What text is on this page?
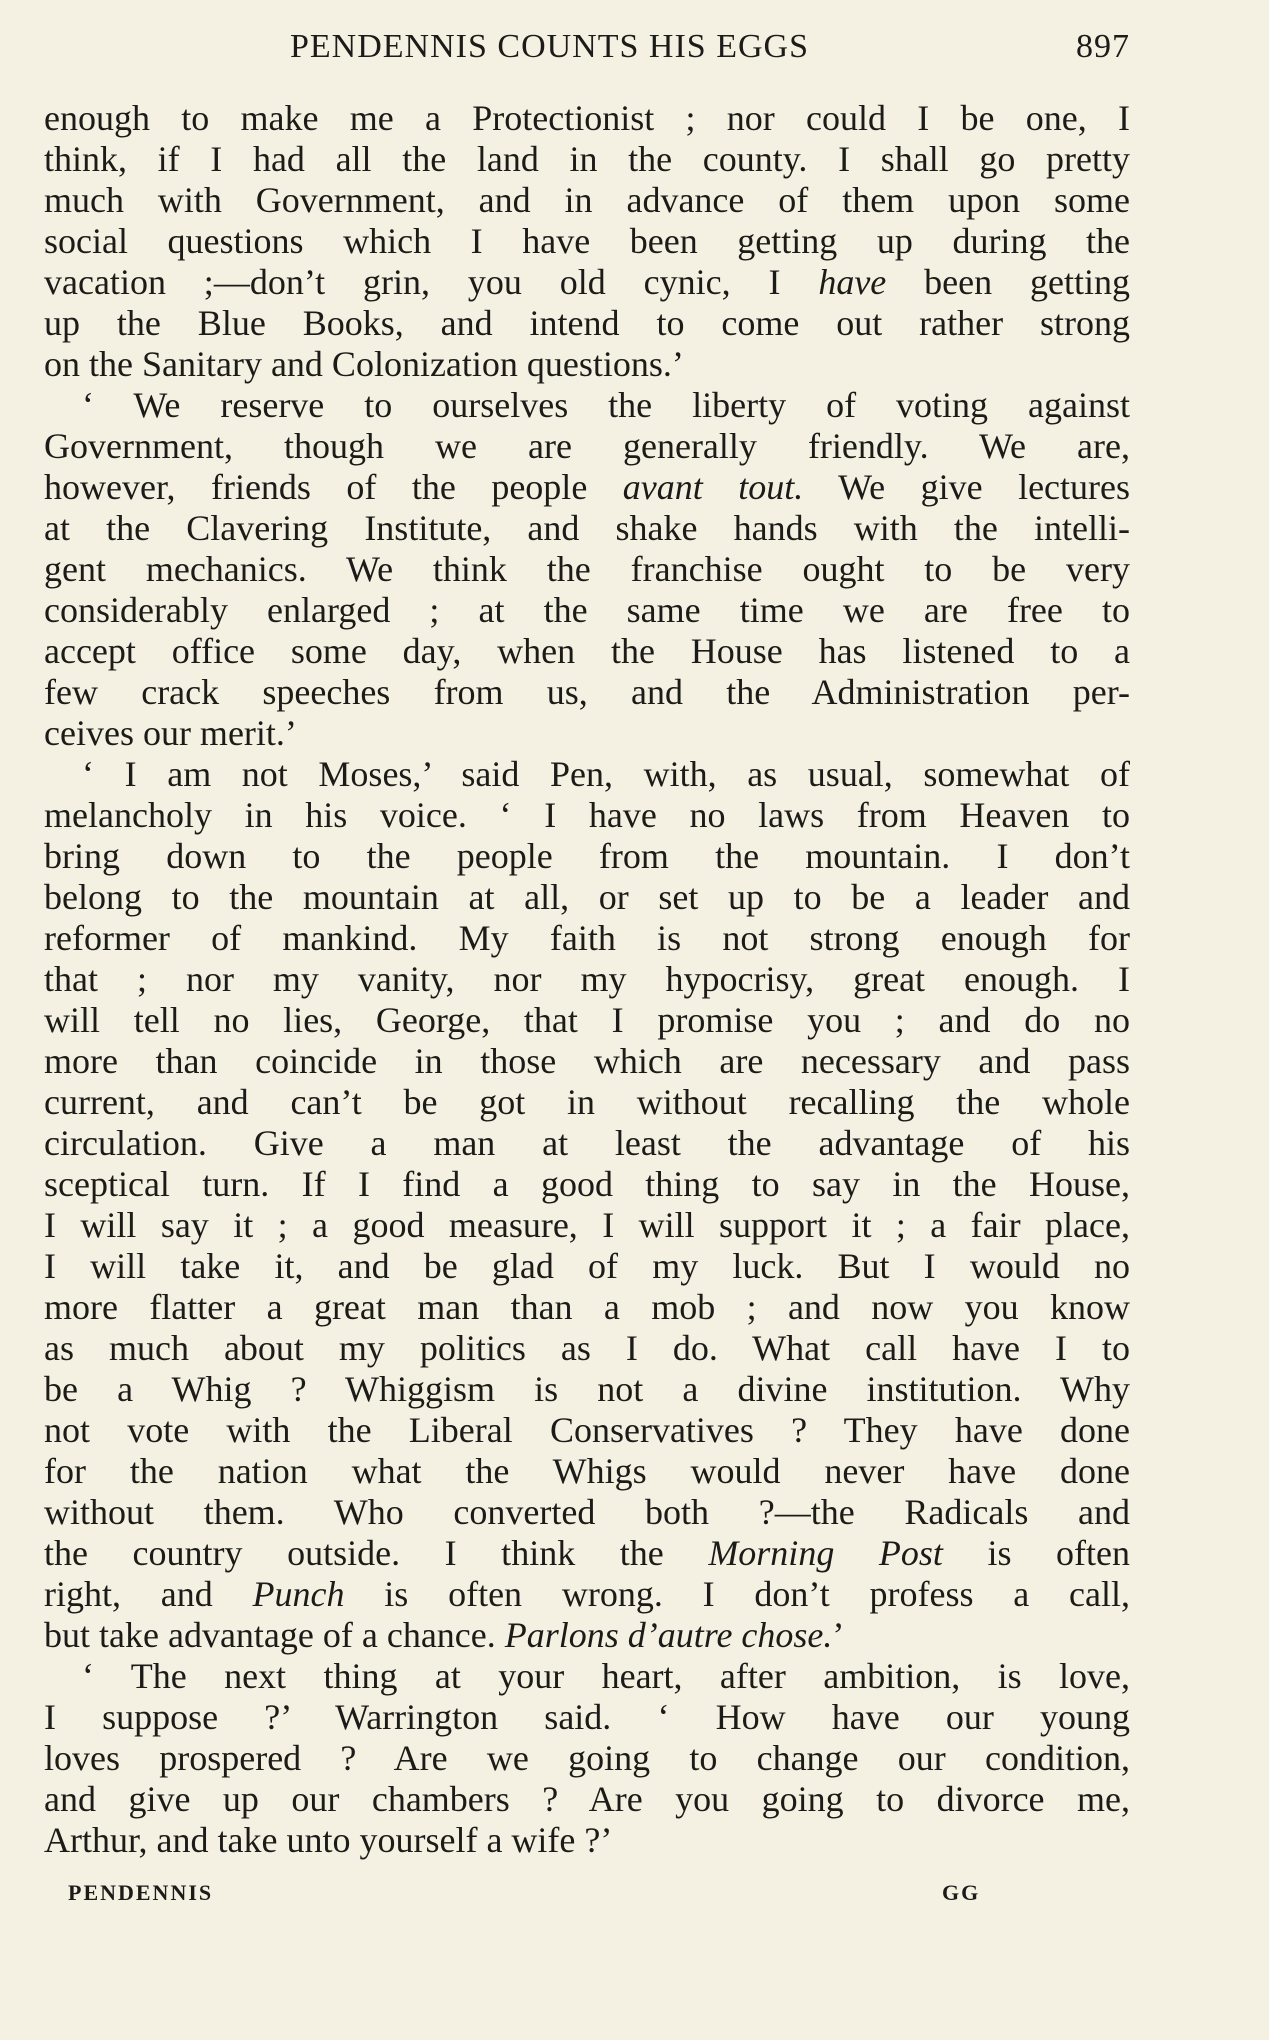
PENDENNIS COUNTS HIS EGGS	897
enough to make me a Protectionist ; nor could I be one, I
think, if I had all the land in the county. I shall go pretty
much with Government, and in advance of them upon some
social questions which I have been getting up during the
vacation ;—don’t grin, you old cynic, I have been getting
up the Blue Books, and intend to come out rather strong
on the Sanitary and Colonization questions.’
‘ We reserve to ourselves the liberty of voting against
Government, though we are generally friendly. We are,
however, friends of the people avant tout. We give lectures
at the Clavering Institute, and shake hands with the intelli-
gent mechanics. We think the franchise ought to be very
considerably enlarged ; at the same time we are free to
accept office some day, when the House has listened to a
few crack speeches from us, and the Administration per-
ceives our merit.’
‘ I am not Moses,’ said Pen, with, as usual, somewhat of
melancholy in his voice. ‘ I have no laws from Heaven to
bring down to the people from the mountain. I don’t
belong to the mountain at all, or set up to be a leader and
reformer of mankind. My faith is not strong enough for
that ; nor my vanity, nor my hypocrisy, great enough. I
will tell no lies, George, that I promise you ; and do no
more than coincide in those which are necessary and pass
current, and can’t be got in without recalling the whole
circulation. Give a man at least the advantage of his
sceptical turn. If I find a good thing to say in the House,
I will say it ; a good measure, I will support it ; a fair place,
I will take it, and be glad of my luck. But I would no
more flatter a great man than a mob ; and now you know
as much about my politics as I do. What call have I to
be a Whig ? Whiggism is not a divine institution. Why
not vote with the Liberal Conservatives ? They have done
for the nation what the Whigs would never have done
without them. Who converted both ?—the Radicals and
the country outside. I think the Morning Post is often
right, and Punch is often wrong. I don’t profess a call,
but take advantage of a chance. Parlons d’autre chose.’
‘ The next thing at your heart, after ambition, is love,
I suppose ?’ Warrington said. ‘ How have our young
loves prospered ? Are we going to change our condition,
and give up our chambers ? Are you going to divorce me,
Arthur, and take unto yourself a wife ?’
PENDENNIS	GG
